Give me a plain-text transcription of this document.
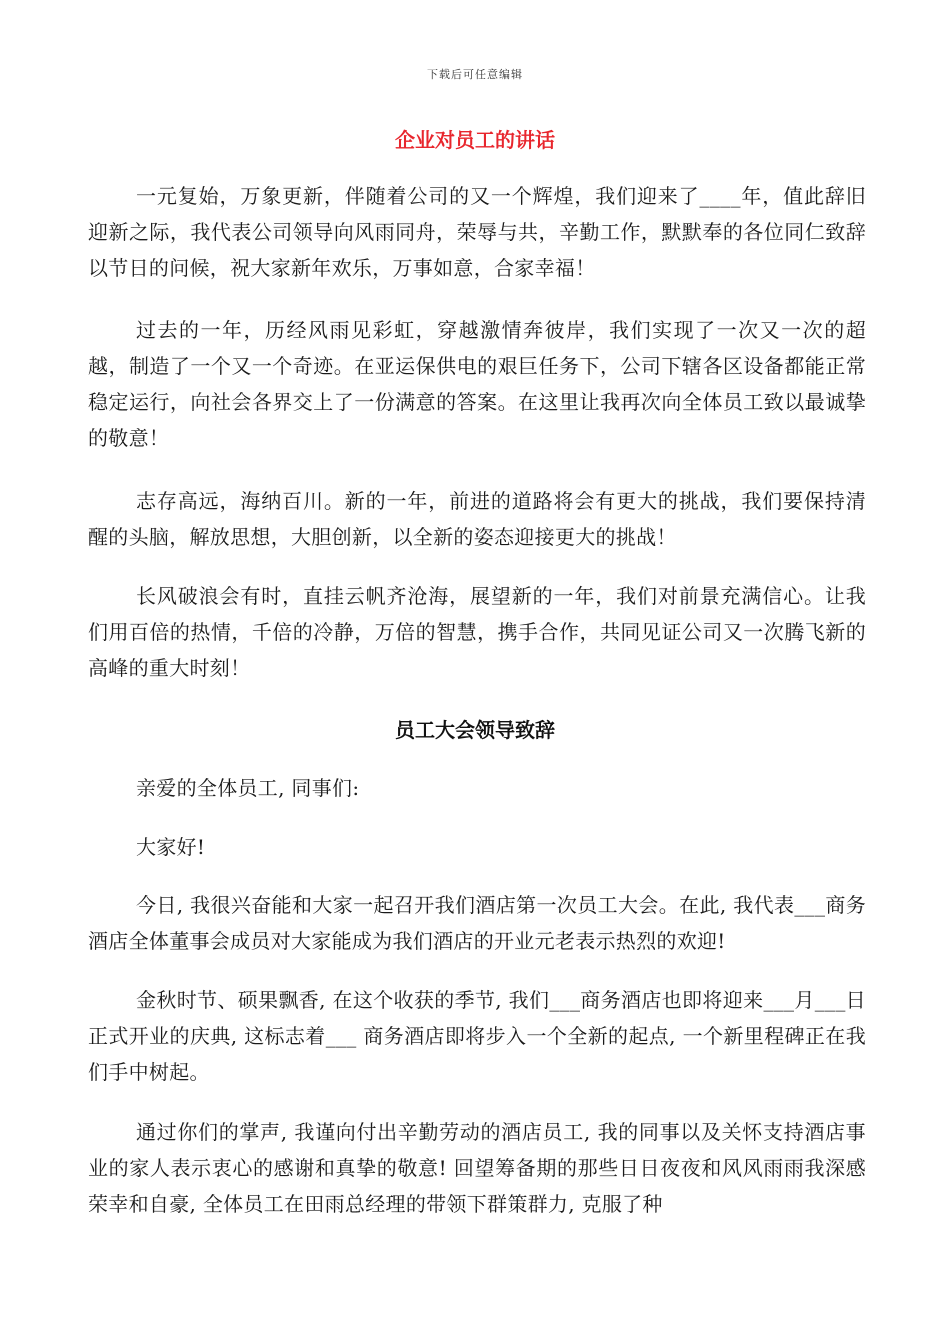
下载后可任意编辑
企业对员工的讲话

一元复始，万象更新，伴随着公司的又一个辉煌，我们迎来了____年，值此辞旧迎新之际，我代表公司领导向风雨同舟，荣辱与共，辛勤工作，默默奉的各位同仁致辞以节日的问候，祝大家新年欢乐，万事如意，合家幸福！

过去的一年，历经风雨见彩虹，穿越激情奔彼岸，我们实现了一次又一次的超越，制造了一个又一个奇迹。在亚运保供电的艰巨任务下，公司下辖各区设备都能正常稳定运行，向社会各界交上了一份满意的答案。在这里让我再次向全体员工致以最诚挚的敬意！

志存高远，海纳百川。新的一年，前进的道路将会有更大的挑战，我们要保持清醒的头脑，解放思想，大胆创新，以全新的姿态迎接更大的挑战！

长风破浪会有时，直挂云帆齐沧海，展望新的一年，我们对前景充满信心。让我们用百倍的热情，千倍的冷静，万倍的智慧，携手合作，共同见证公司又一次腾飞新的高峰的重大时刻！

员工大会领导致辞

亲爱的全体员工, 同事们:

大家好!

今日, 我很兴奋能和大家一起召开我们酒店第一次员工大会。在此, 我代表___商务酒店全体董事会成员对大家能成为我们酒店的开业元老表示热烈的欢迎!

金秋时节、硕果飘香, 在这个收获的季节, 我们___商务酒店也即将迎来___月___日正式开业的庆典, 这标志着___ 商务酒店即将步入一个全新的起点, 一个新里程碑正在我们手中树起。

通过你们的掌声, 我谨向付出辛勤劳动的酒店员工, 我的同事以及关怀支持酒店事业的家人表示衷心的感谢和真挚的敬意! 回望筹备期的那些日日夜夜和风风雨雨我深感荣幸和自豪, 全体员工在田雨总经理的带领下群策群力, 克服了种
